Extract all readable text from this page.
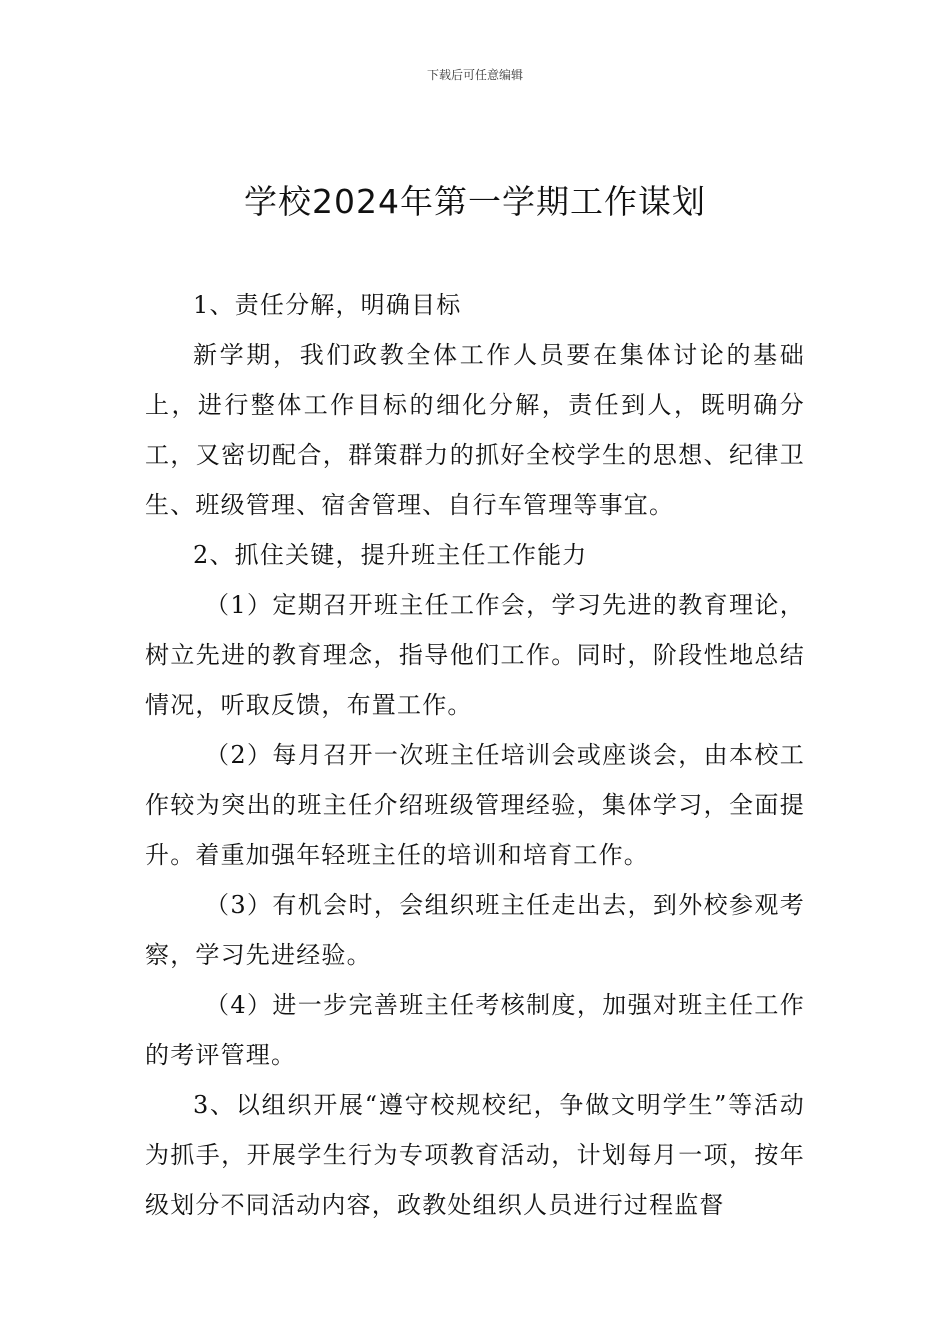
下载后可任意编辑
学校2024年第一学期工作谋划

1、责任分解，明确目标

新学期，我们政教全体工作人员要在集体讨论的基础上，进行整体工作目标的细化分解，责任到人，既明确分工，又密切配合，群策群力的抓好全校学生的思想、纪律卫生、班级管理、宿舍管理、自行车管理等事宜。

2、抓住关键，提升班主任工作能力

（1）定期召开班主任工作会，学习先进的教育理论，树立先进的教育理念，指导他们工作。同时，阶段性地总结情况，听取反馈，布置工作。

（2）每月召开一次班主任培训会或座谈会，由本校工作较为突出的班主任介绍班级管理经验，集体学习，全面提升。着重加强年轻班主任的培训和培育工作。

（3）有机会时，会组织班主任走出去，到外校参观考察，学习先进经验。

（4）进一步完善班主任考核制度，加强对班主任工作的考评管理。

3、以组织开展“遵守校规校纪，争做文明学生”等活动为抓手，开展学生行为专项教育活动，计划每月一项，按年级划分不同活动内容，政教处组织人员进行过程监督
